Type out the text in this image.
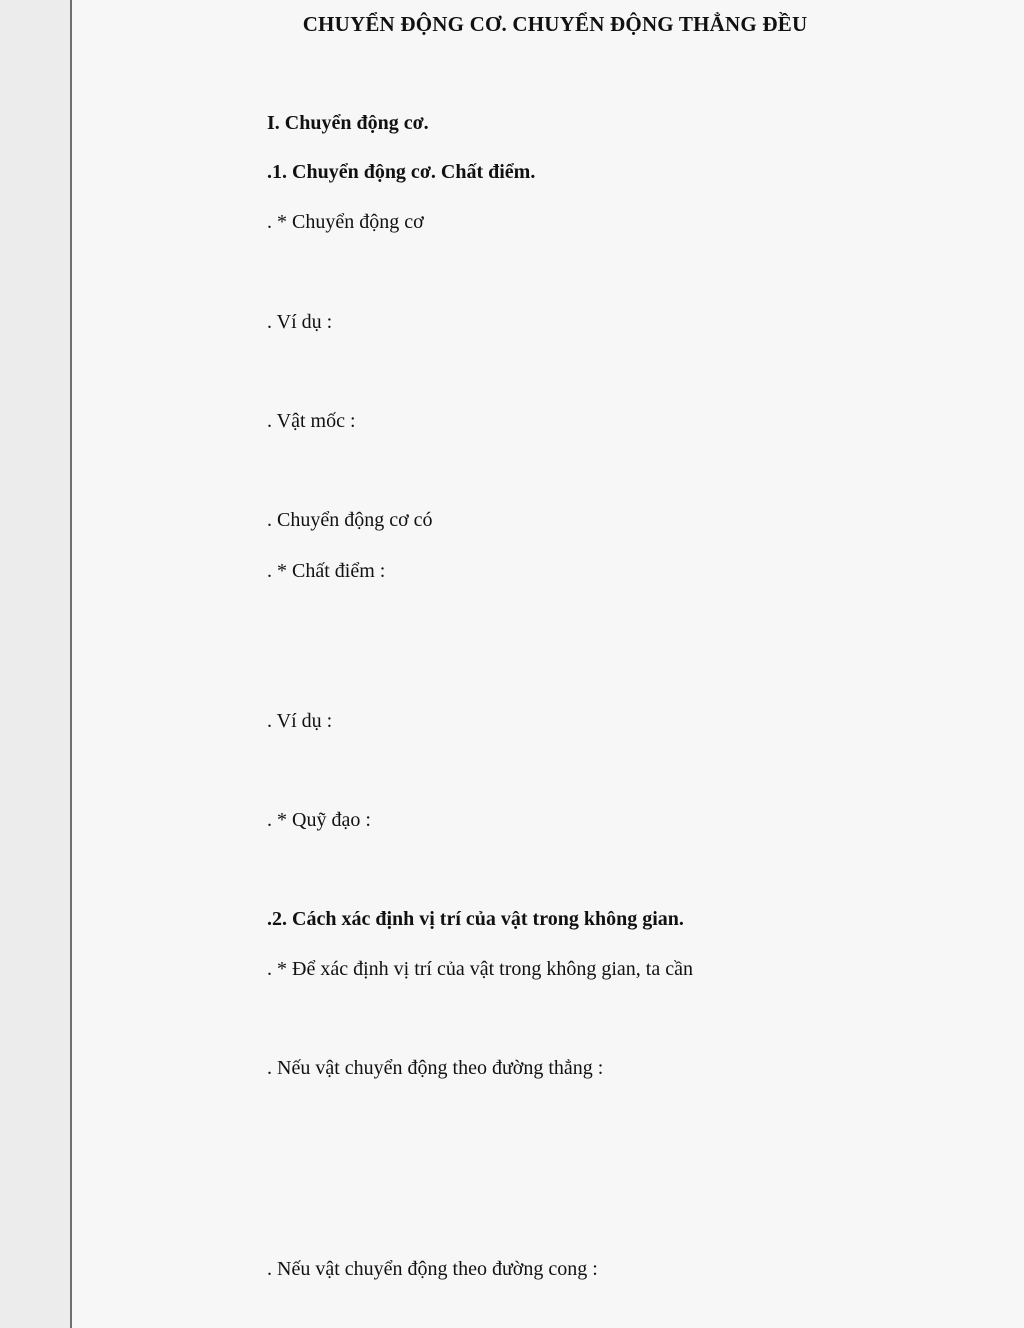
CHUYỂN ĐỘNG CƠ. CHUYỂN ĐỘNG THẲNG ĐỀU
I. Chuyển động cơ.
.1. Chuyển động cơ. Chất điểm.
. * Chuyển động cơ
. Ví dụ :
. Vật mốc :
. Chuyển động cơ có
. * Chất điểm :
. Ví dụ :
. * Quỹ đạo :
.2. Cách xác định vị trí của vật trong không gian.
. * Để xác định vị trí của vật trong không gian, ta cần
. Nếu vật chuyển động theo đường thẳng :
. Nếu vật chuyển động theo đường cong :
